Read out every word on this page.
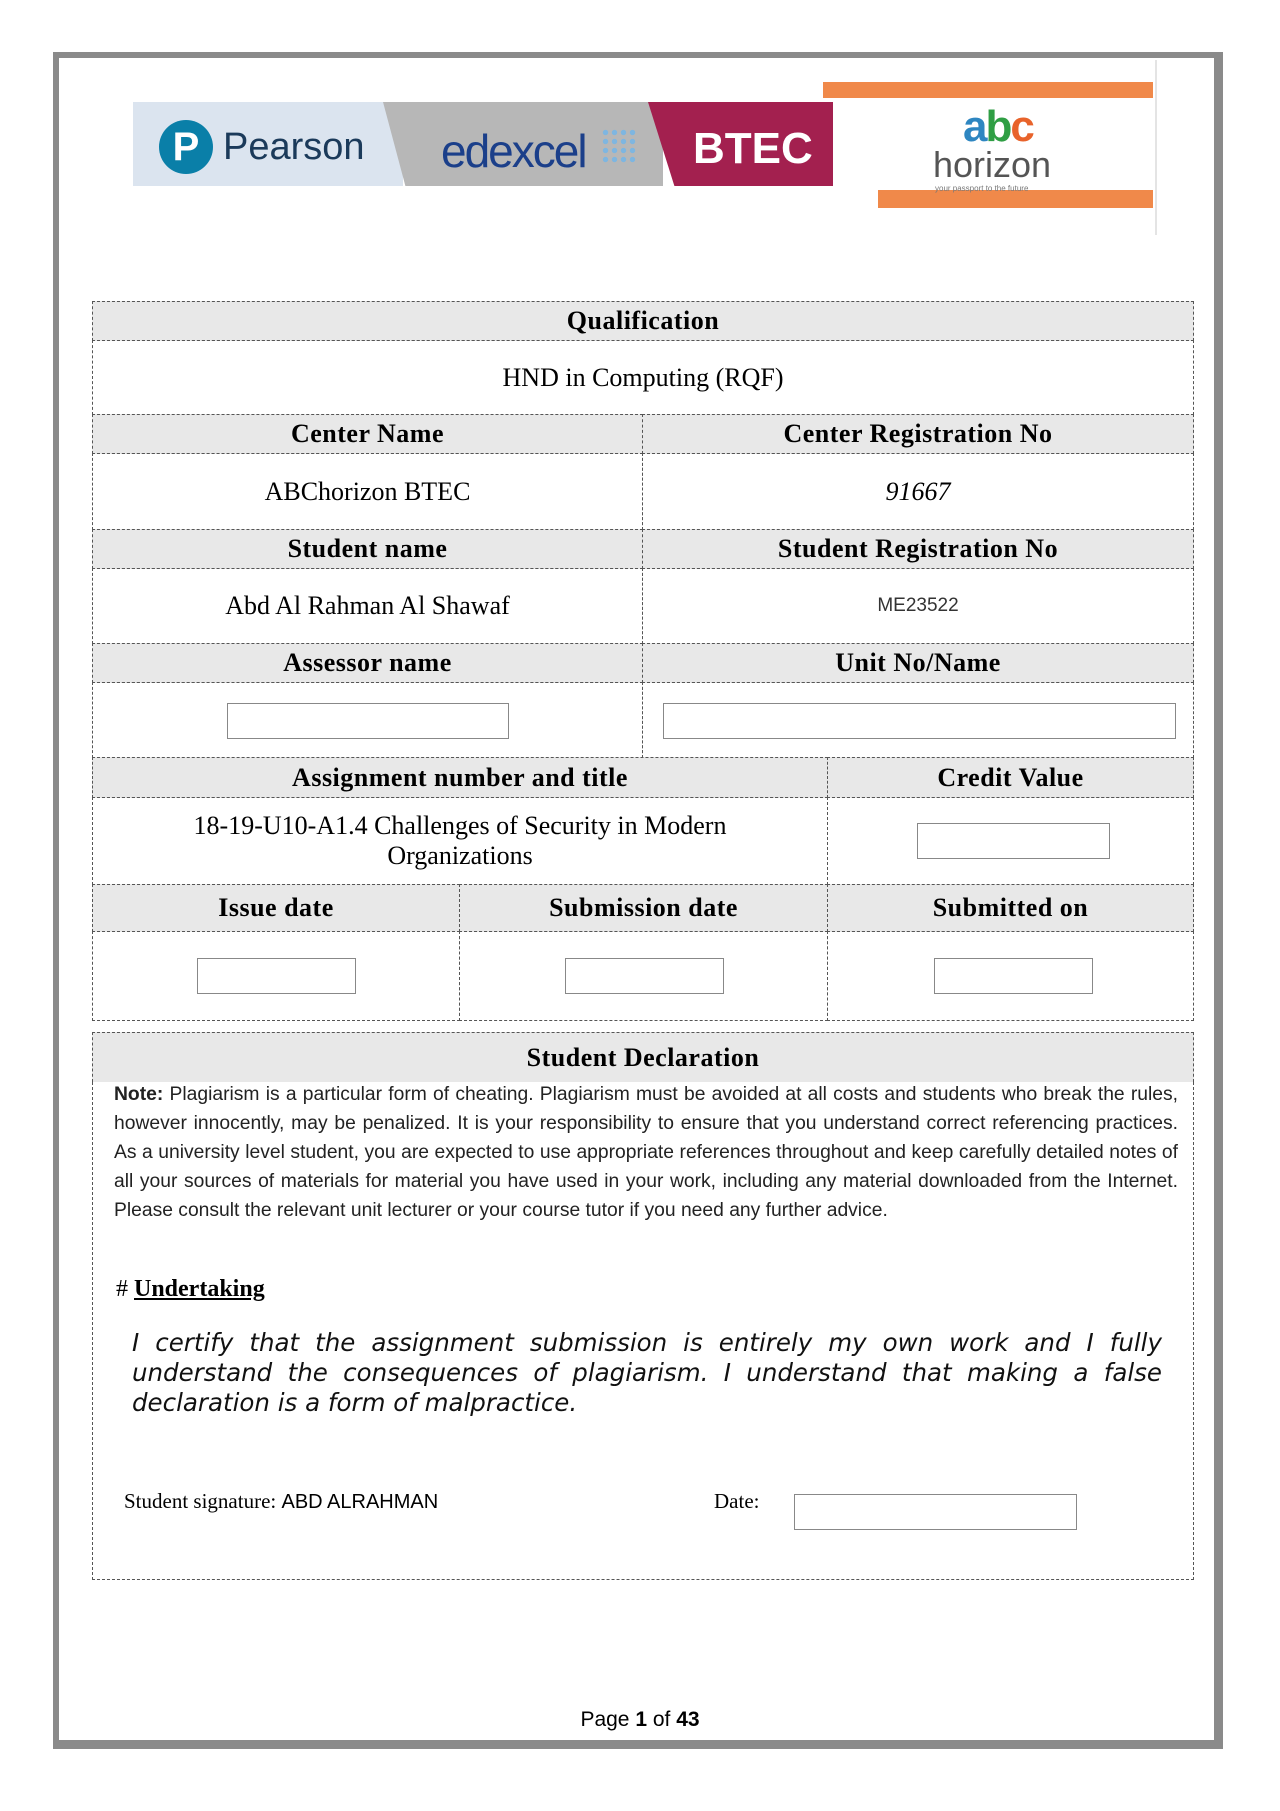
P Pearson edexcel BTEC	abc
horizon
your passport to the future
Qualification
HND in Computing (RQF)
Center Name	Center Registration No
ABChorizon BTEC	91667
Student name	Student Registration No
Abd Al Rahman Al Shawaf	ME23522
Assessor name	Unit No/Name
Assignment number and title	Credit Value
18-19-U10-A1.4 Challenges of Security in Modern Organizations
Issue date	Submission date	Submitted on
Student Declaration
Note: Plagiarism is a particular form of cheating. Plagiarism must be avoided at all costs and students who break the rules, however innocently, may be penalized. It is your responsibility to ensure that you understand correct referencing practices. As a university level student, you are expected to use appropriate references throughout and keep carefully detailed notes of all your sources of materials for material you have used in your work, including any material downloaded from the Internet. Please consult the relevant unit lecturer or your course tutor if you need any further advice.
# Undertaking
I certify that the assignment submission is entirely my own work and I fully understand the consequences of plagiarism. I understand that making a false declaration is a form of malpractice.
Student signature: ABD ALRAHMAN	Date:
Page 1 of 43
